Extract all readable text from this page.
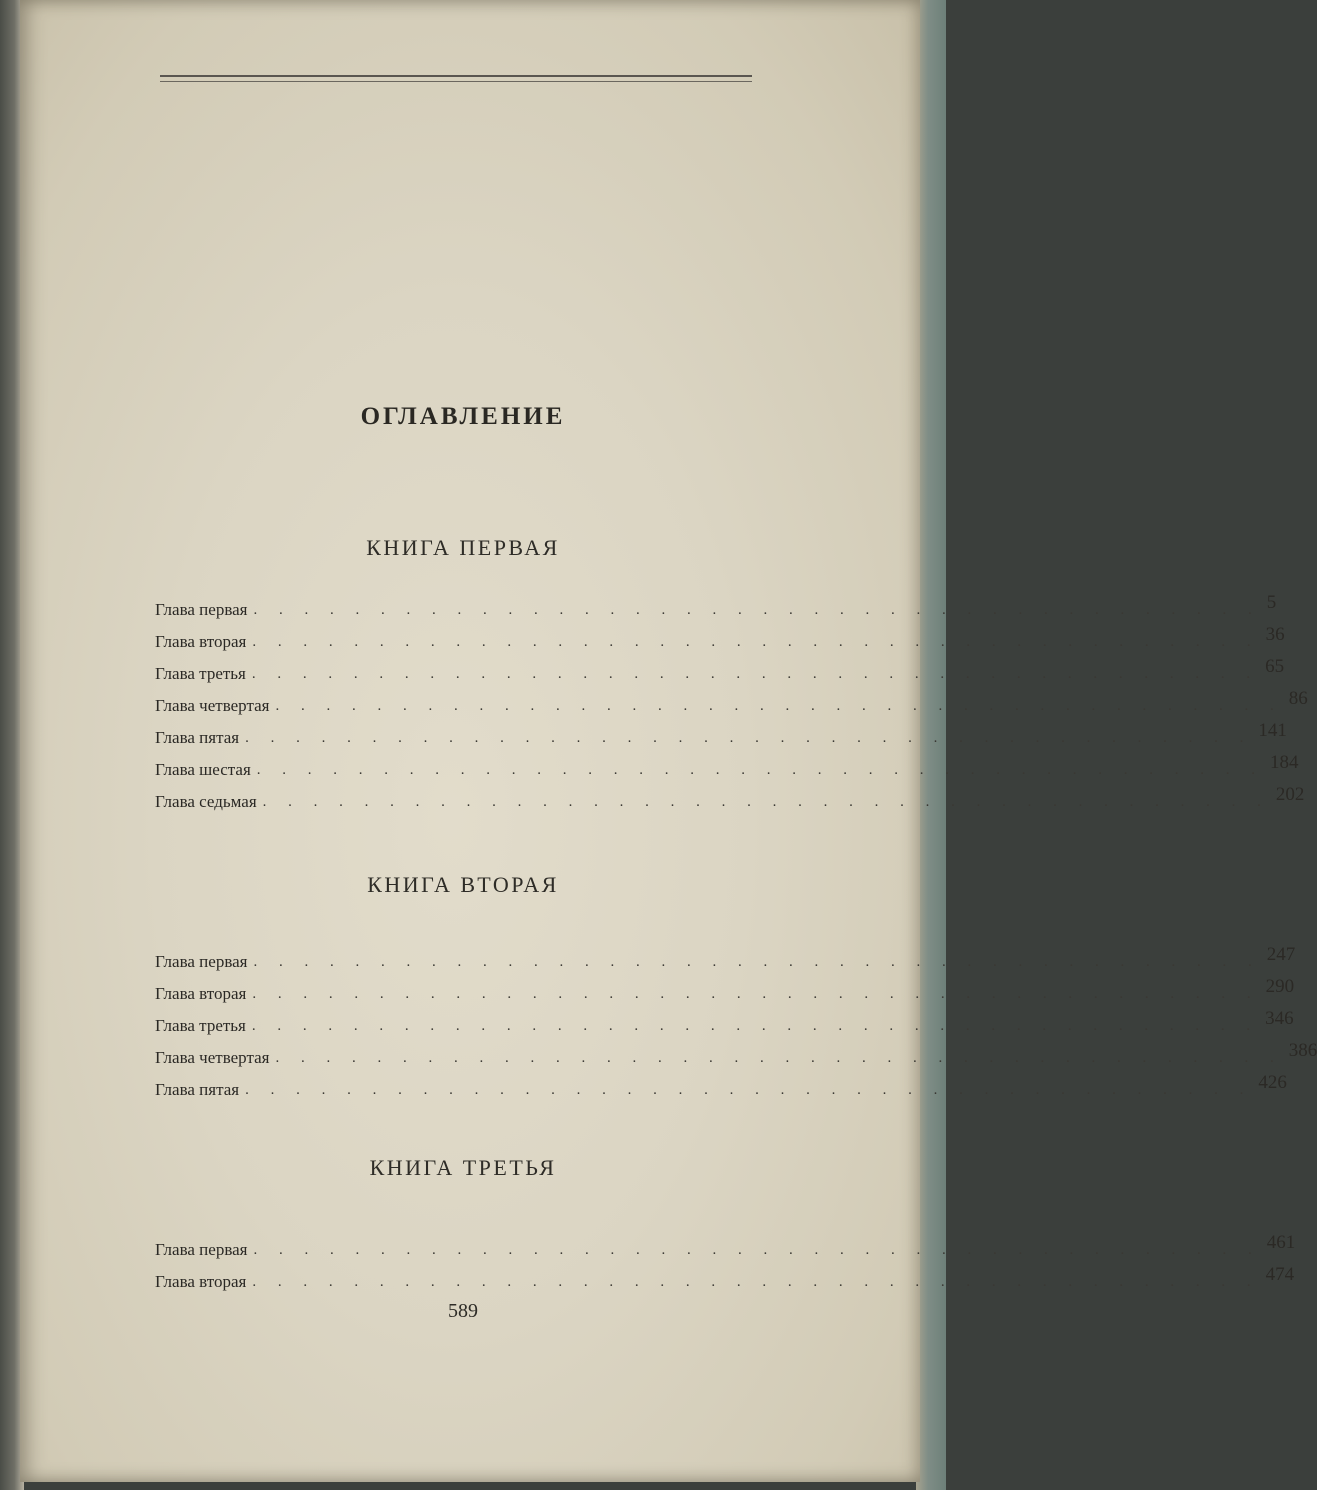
ОГЛАВЛЕНИЕ
КНИГА ПЕРВАЯ
Глава первая . . . . . . . . . . . . . . . . . . . . . . . . . . . . . . . . . . . . . . . . 5
Глава вторая . . . . . . . . . . . . . . . . . . . . . . . . . . . . . . . . . . . . . . . . 36
Глава третья . . . . . . . . . . . . . . . . . . . . . . . . . . . . . . . . . . . . . . . . 65
Глава четвертая . . . . . . . . . . . . . . . . . . . . . . . . . . . . . . . . . . . . . . . . 86
Глава пятая . . . . . . . . . . . . . . . . . . . . . . . . . . . . . . . . . . . . . . . . 141
Глава шестая . . . . . . . . . . . . . . . . . . . . . . . . . . . . . . . . . . . . . . . . 184
Глава седьмая . . . . . . . . . . . . . . . . . . . . . . . . . . . . . . . . . . . . . . . . 202
КНИГА ВТОРАЯ
Глава первая . . . . . . . . . . . . . . . . . . . . . . . . . . . . . . . . . . . . . . . . 247
Глава вторая . . . . . . . . . . . . . . . . . . . . . . . . . . . . . . . . . . . . . . . . 290
Глава третья . . . . . . . . . . . . . . . . . . . . . . . . . . . . . . . . . . . . . . . . 346
Глава четвертая . . . . . . . . . . . . . . . . . . . . . . . . . . . . . . . . . . . . . . . . 386
Глава пятая . . . . . . . . . . . . . . . . . . . . . . . . . . . . . . . . . . . . . . . . 426
КНИГА ТРЕТЬЯ
Глава первая . . . . . . . . . . . . . . . . . . . . . . . . . . . . . . . . . . . . . . . . 461
Глава вторая . . . . . . . . . . . . . . . . . . . . . . . . . . . . . . . . . . . . . . . . 474
589
